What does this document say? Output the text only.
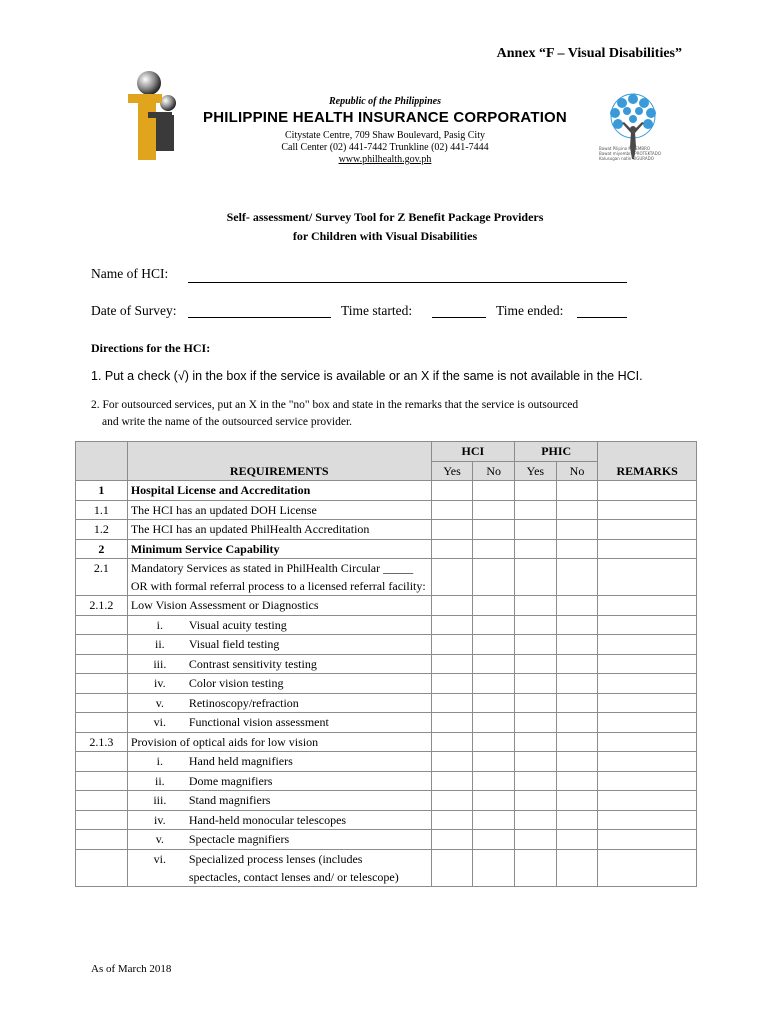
Annex “F – Visual Disabilities”
Bawat Pilipino MIYEMBRO
Bawat miyembro PROTEKTADO
Kalusugan natin SIGURADO
Republic of the Philippines
PHILIPPINE HEALTH INSURANCE CORPORATION
Citystate Centre, 709 Shaw Boulevard, Pasig City
Call Center (02) 441-7442 Trunkline (02) 441-7444
www.philhealth.gov.ph
Self- assessment/ Survey Tool for Z Benefit Package Providers
for Children with Visual Disabilities
Name of HCI:
Date of Survey:	Time started:	Time ended:
Directions for the HCI:
1. Put a check (√) in the box if the service is available or an X if the same is not available in the HCI.
2. For outsourced services, put an X in the "no" box and state in the remarks that the service is outsourced
and write the name of the outsourced service provider.
	REQUIREMENTS	HCI		PHIC		REMARKS
		Yes	No	Yes	No	
1	Hospital License and Accreditation					
1.1	The HCI has an updated DOH License					
1.2	The HCI has an updated PhilHealth Accreditation					
2	Minimum Service Capability					
2.1	Mandatory Services as stated in PhilHealth Circular _____ OR with formal referral process to a licensed referral facility:					
2.1.2	Low Vision Assessment or Diagnostics					
	i. Visual acuity testing					
	ii. Visual field testing					
	iii. Contrast sensitivity testing					
	iv. Color vision testing					
	v. Retinoscopy/refraction					
	vi. Functional vision assessment					
2.1.3	Provision of optical aids for low vision					
	i. Hand held magnifiers					
	ii. Dome magnifiers					
	iii. Stand magnifiers					
	iv. Hand-held monocular telescopes					
	v. Spectacle magnifiers					
	vi. Specialized process lenses (includes spectacles, contact lenses and/ or telescope)					
As of March 2018
